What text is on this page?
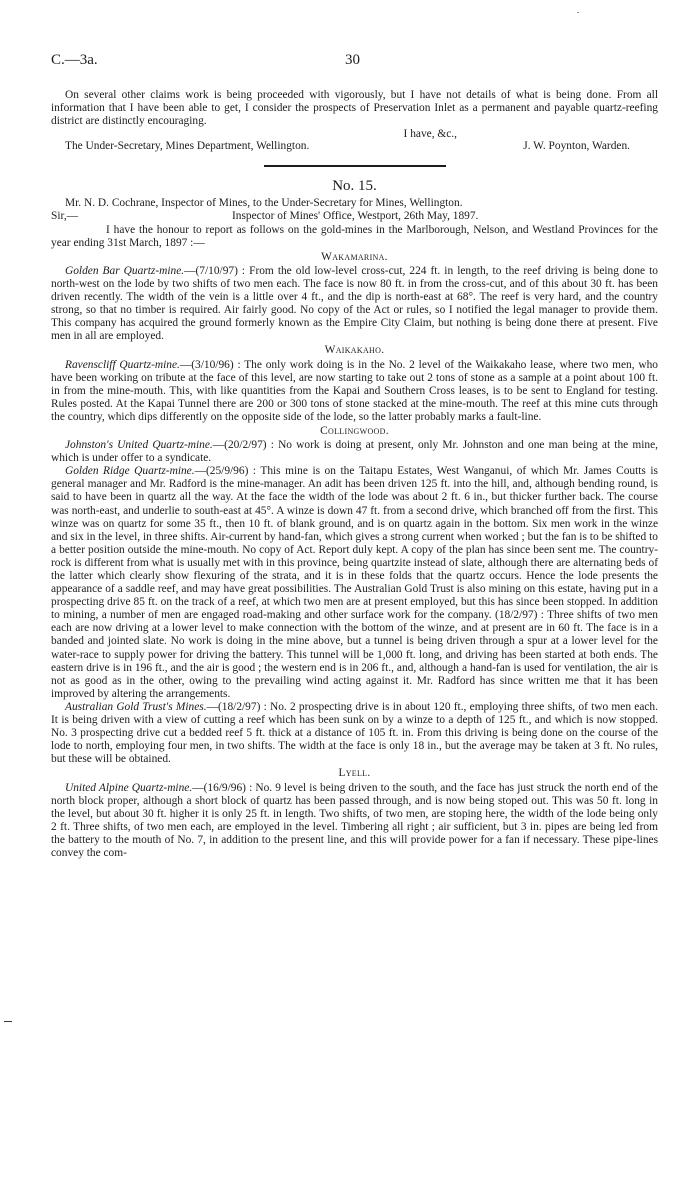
C.—3a.	30

On several other claims work is being proceeded with vigorously, but I have not details of what is being done. From all information that I have been able to get, I consider the prospects of Preservation Inlet as a permanent and payable quartz-reefing district are distinctly encouraging.

I have, &c.,

The Under-Secretary, Mines Department, Wellington.	J. W. Poynton, Warden.
No. 15.

Mr. N. D. Cochrane, Inspector of Mines, to the Under-Secretary for Mines, Wellington.

Sir,—	Inspector of Mines' Office, Westport, 26th May, 1897.

I have the honour to report as follows on the gold-mines in the Marlborough, Nelson, and Westland Provinces for the year ending 31st March, 1897 :—

Wakamarina.

Golden Bar Quartz-mine.—(7/10/97) : From the old low-level cross-cut, 224 ft. in length, to the reef driving is being done to north-west on the lode by two shifts of two men each. The face is now 80 ft. in from the cross-cut, and of this about 30 ft. has been driven recently. The width of the vein is a little over 4 ft., and the dip is north-east at 68°. The reef is very hard, and the country strong, so that no timber is required. Air fairly good. No copy of the Act or rules, so I notified the legal manager to provide them. This company has acquired the ground formerly known as the Empire City Claim, but nothing is being done there at present. Five men in all are employed.

Waikakaho.

Ravenscliff Quartz-mine.—(3/10/96) : The only work doing is in the No. 2 level of the Waikakaho lease, where two men, who have been working on tribute at the face of this level, are now starting to take out 2 tons of stone as a sample at a point about 100 ft. in from the mine-mouth. This, with like quantities from the Kapai and Southern Cross leases, is to be sent to England for testing. Rules posted. At the Kapai Tunnel there are 200 or 300 tons of stone stacked at the mine-mouth. The reef at this mine cuts through the country, which dips differently on the opposite side of the lode, so the latter probably marks a fault-line.

Collingwood.

Johnston's United Quartz-mine.—(20/2/97) : No work is doing at present, only Mr. Johnston and one man being at the mine, which is under offer to a syndicate.

Golden Ridge Quartz-mine.—(25/9/96) : This mine is on the Taitapu Estates, West Wanganui, of which Mr. James Coutts is general manager and Mr. Radford is the mine-manager. An adit has been driven 125 ft. into the hill, and, although bending round, is said to have been in quartz all the way. At the face the width of the lode was about 2 ft. 6 in., but thicker further back. The course was north-east, and underlie to south-east at 45°. A winze is down 47 ft. from a second drive, which branched off from the first. This winze was on quartz for some 35 ft., then 10 ft. of blank ground, and is on quartz again in the bottom. Six men work in the winze and six in the level, in three shifts. Air-current by hand-fan, which gives a strong current when worked ; but the fan is to be shifted to a better position outside the mine-mouth. No copy of Act. Report duly kept. A copy of the plan has since been sent me. The country-rock is different from what is usually met with in this province, being quartzite instead of slate, although there are alternating beds of the latter which clearly show flexuring of the strata, and it is in these folds that the quartz occurs. Hence the lode presents the appearance of a saddle reef, and may have great possibilities. The Australian Gold Trust is also mining on this estate, having put in a prospecting drive 85 ft. on the track of a reef, at which two men are at present employed, but this has since been stopped. In addition to mining, a number of men are engaged road-making and other surface work for the company. (18/2/97) : Three shifts of two men each are now driving at a lower level to make connection with the bottom of the winze, and at present are in 60 ft. The face is in a banded and jointed slate. No work is doing in the mine above, but a tunnel is being driven through a spur at a lower level for the water-race to supply power for driving the battery. This tunnel will be 1,000 ft. long, and driving has been started at both ends. The eastern drive is in 196 ft., and the air is good ; the western end is in 206 ft., and, although a hand-fan is used for ventilation, the air is not as good as in the other, owing to the prevailing wind acting against it. Mr. Radford has since written me that it has been improved by altering the arrangements.

Australian Gold Trust's Mines.—(18/2/97) : No. 2 prospecting drive is in about 120 ft., employing three shifts, of two men each. It is being driven with a view of cutting a reef which has been sunk on by a winze to a depth of 125 ft., and which is now stopped. No. 3 prospecting drive cut a bedded reef 5 ft. thick at a distance of 105 ft. in. From this driving is being done on the course of the lode to north, employing four men, in two shifts. The width at the face is only 18 in., but the average may be taken at 3 ft. No rules, but these will be obtained.

Lyell.

United Alpine Quartz-mine.—(16/9/96) : No. 9 level is being driven to the south, and the face has just struck the north end of the north block proper, although a short block of quartz has been passed through, and is now being stoped out. This was 50 ft. long in the level, but about 30 ft. higher it is only 25 ft. in length. Two shifts, of two men, are stoping here, the width of the lode being only 2 ft. Three shifts, of two men each, are employed in the level. Timbering all right ; air sufficient, but 3 in. pipes are being led from the battery to the mouth of No. 7, in addition to the present line, and this will provide power for a fan if necessary. These pipe-lines convey the com-
